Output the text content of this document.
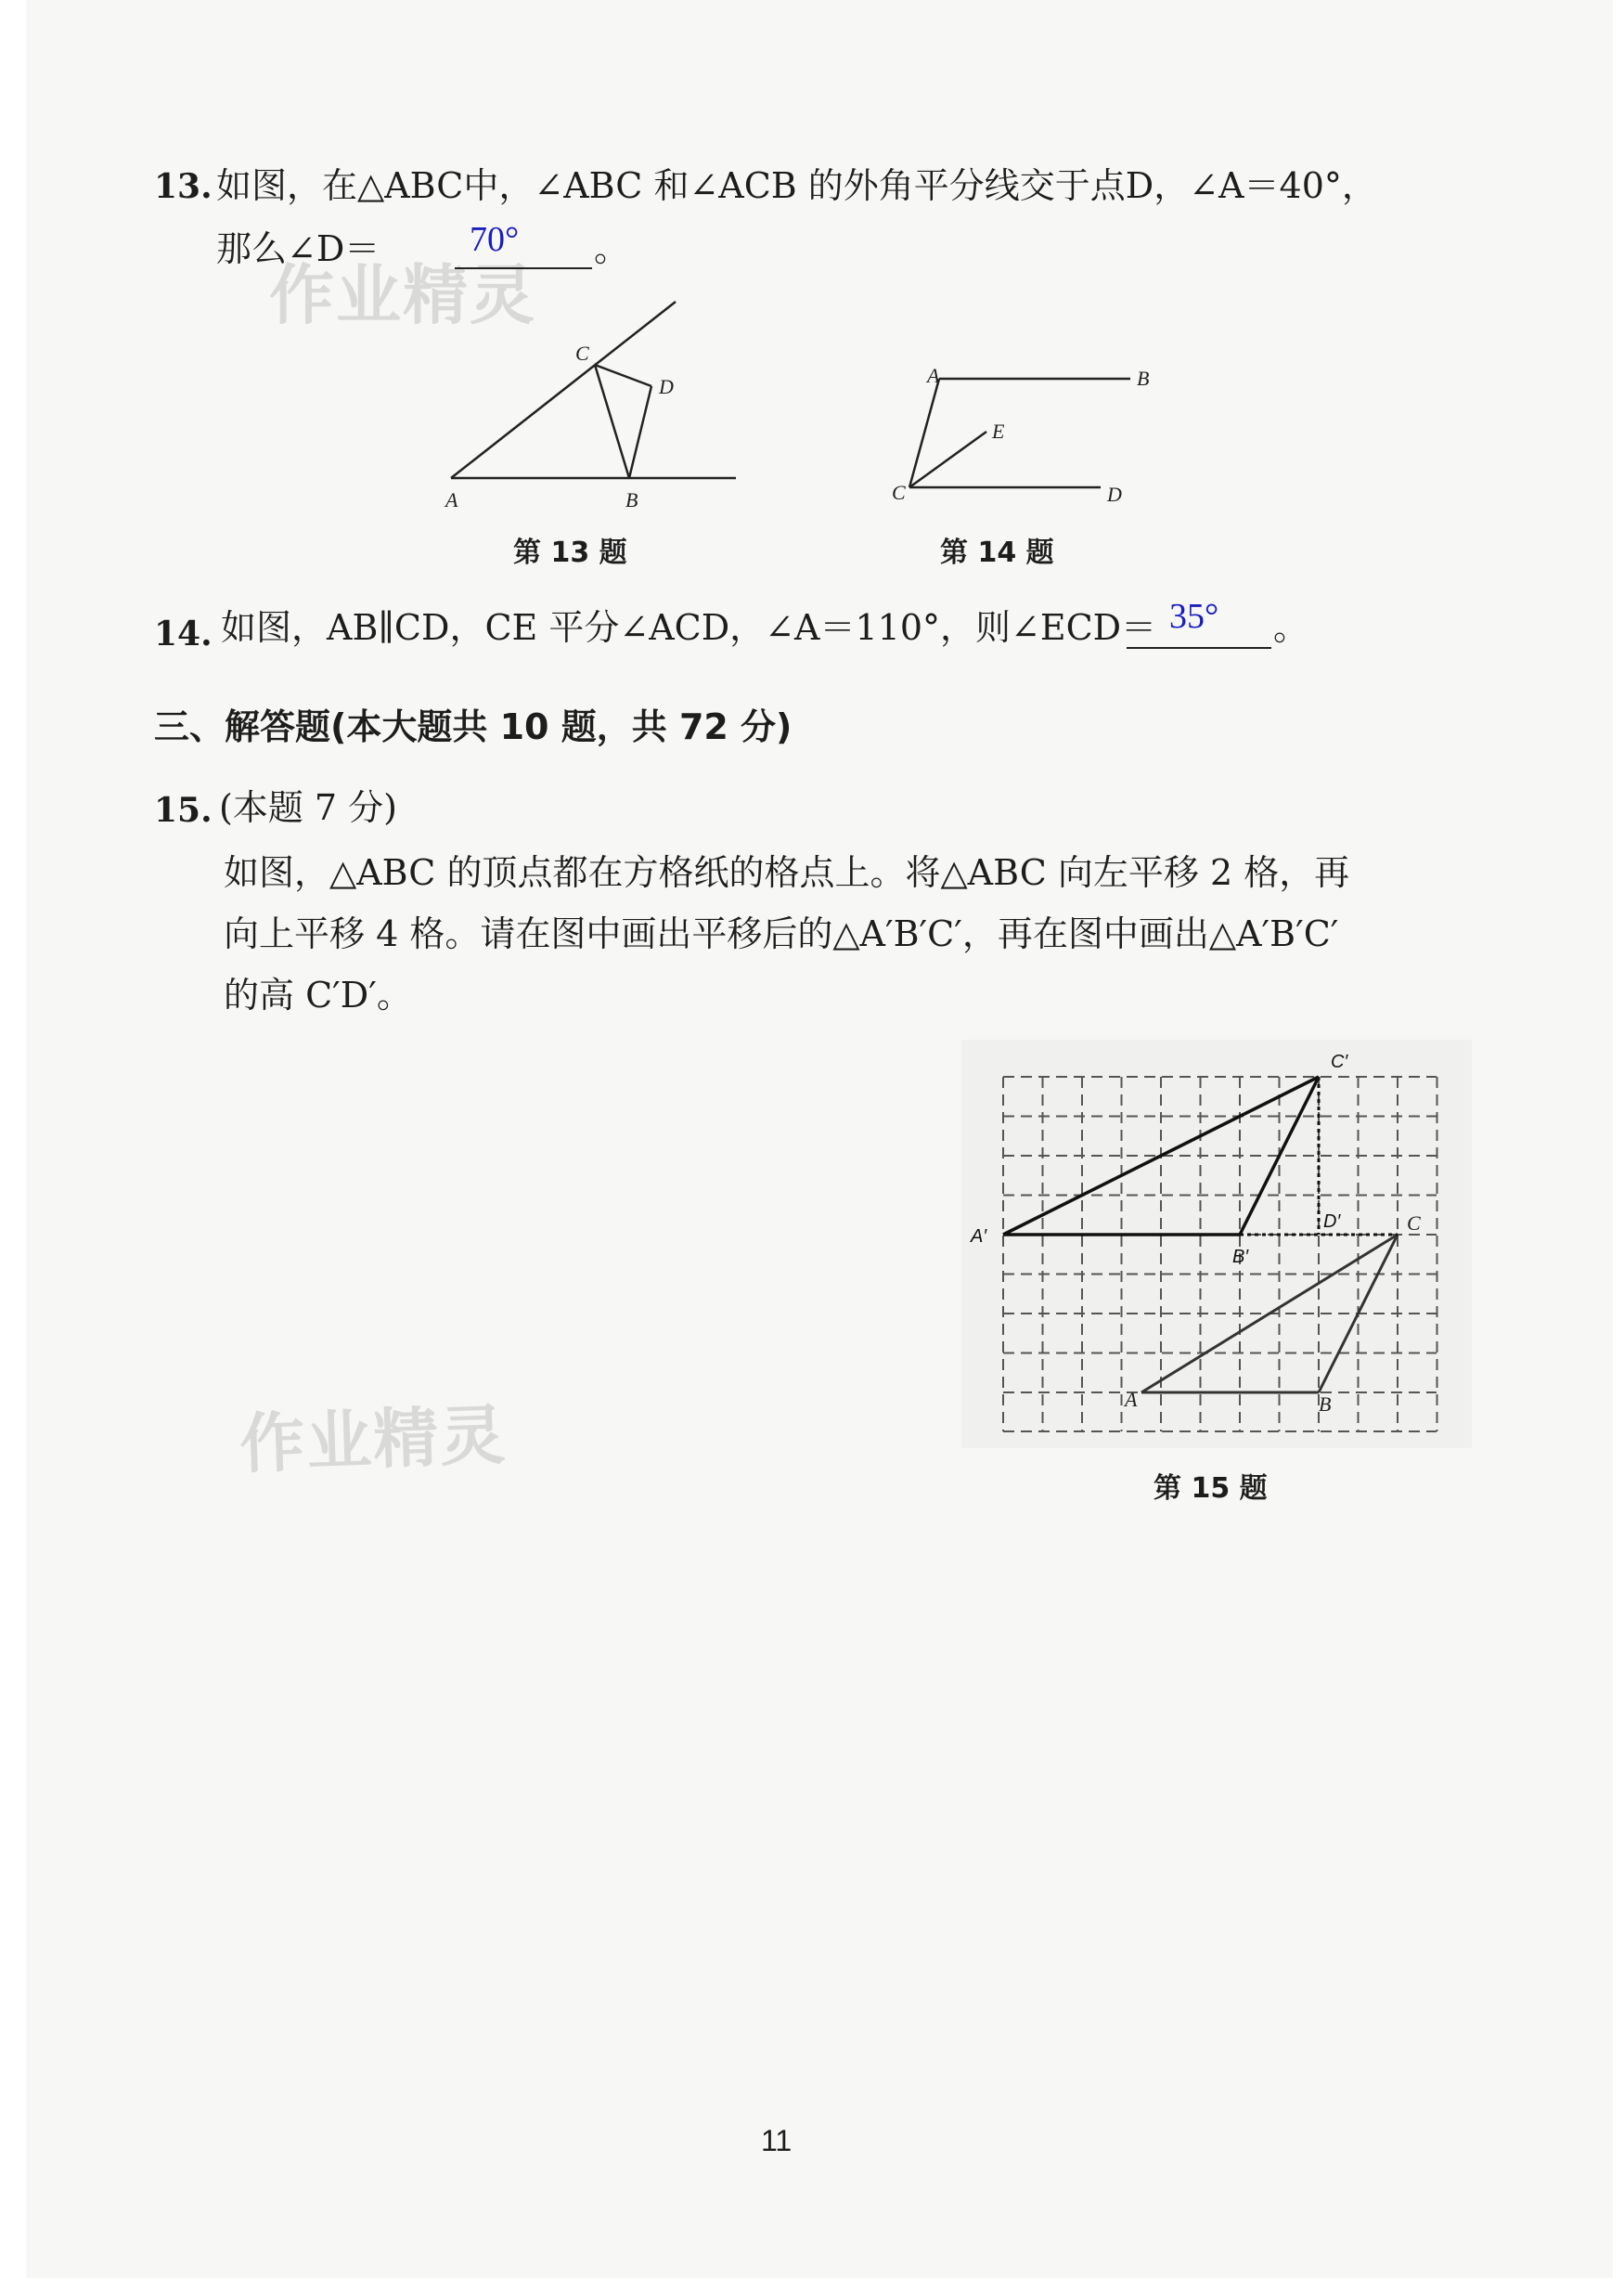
作业精灵
作业精灵
13. 如图，在△ABC中，∠ABC 和∠ACB 的外角平分线交于点D，∠A＝40°，
那么∠D＝	70° 。
A	B
C
D
第 13 题
A	B
C	D
E
第 14 题
14. 如图，AB∥CD，CE 平分∠ACD，∠A＝110°，则∠ECD＝ 35° 。
三、解答题(本大题共 10 题，共 72 分)
15. (本题 7 分)
如图，△ABC 的顶点都在方格纸的格点上。将△ABC 向左平移 2 格，再
向上平移 4 格。请在图中画出平移后的△A′B′C′，再在图中画出△A′B′C′
的高 C′D′。
C′
A′
B′
D′	C
A	B
第 15 题
11
